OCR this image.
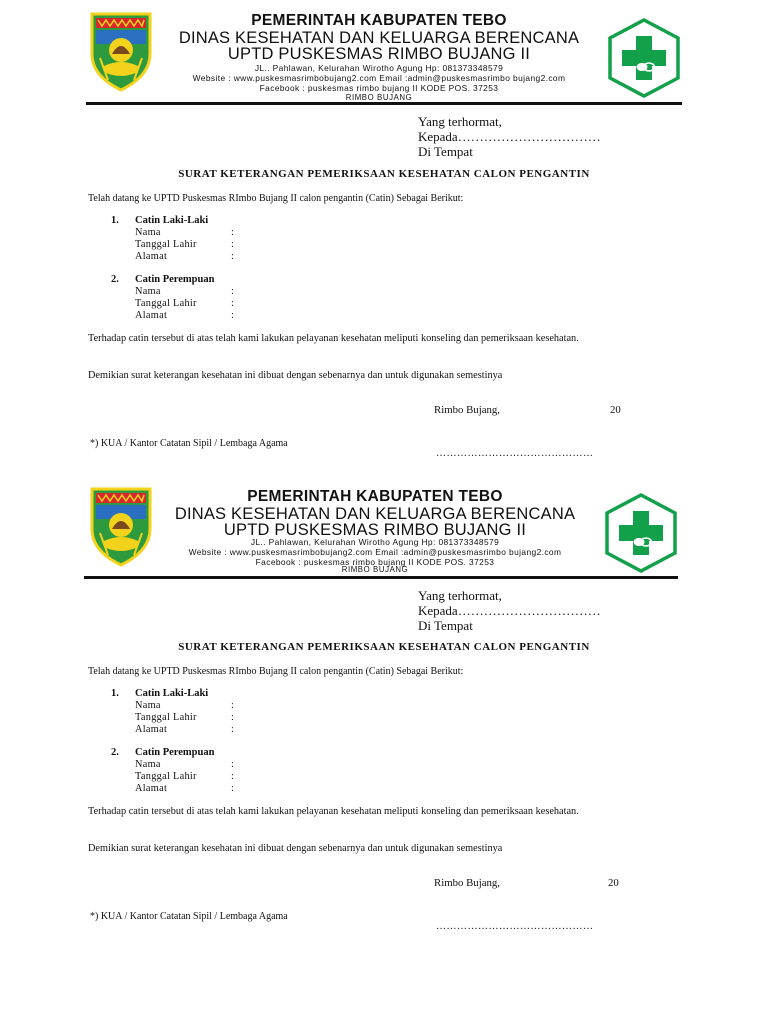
PEMERINTAH KABUPATEN TEBO
DINAS KESEHATAN DAN KELUARGA BERENCANA
UPTD PUSKESMAS RIMBO BUJANG II
JL.. Pahlawan, Kelurahan Wirotho Agung Hp: 081373348579
Website : www.puskesmasrimbobujang2.com Email :admin@puskesmasrimbo bujang2.com
Facebook : puskesmas rimbo bujang II KODE POS. 37253
RIMBO BUJANG
Yang terhormat,
Kepada……………………………
Di Tempat
SURAT KETERANGAN PEMERIKSAAN KESEHATAN CALON PENGANTIN
Telah datang ke UPTD Puskesmas RImbo Bujang II calon pengantin (Catin) Sebagai Berikut:
1. Catin Laki-Laki
Nama	:
Tanggal Lahir	:
Alamat	:
2. Catin Perempuan
Nama	:
Tanggal Lahir	:
Alamat	:
Terhadap catin tersebut di atas telah kami lakukan pelayanan kesehatan meliputi konseling dan pemeriksaan kesehatan.
Demikian surat keterangan kesehatan ini dibuat dengan sebenarnya dan untuk digunakan semestinya
Rimbo Bujang,	20
*) KUA / Kantor Catatan Sipil / Lembaga Agama
………………………………………
PEMERINTAH KABUPATEN TEBO
DINAS KESEHATAN DAN KELUARGA BERENCANA
UPTD PUSKESMAS RIMBO BUJANG II
JL.. Pahlawan, Kelurahan Wirotho Agung Hp: 081373348579
Website : www.puskesmasrimbobujang2.com Email :admin@puskesmasrimbo bujang2.com
Facebook : puskesmas rimbo bujang II KODE POS. 37253
RIMBO BUJANG
Yang terhormat,
Kepada……………………………
Di Tempat
SURAT KETERANGAN PEMERIKSAAN KESEHATAN CALON PENGANTIN
Telah datang ke UPTD Puskesmas RImbo Bujang II calon pengantin (Catin) Sebagai Berikut:
1. Catin Laki-Laki
Nama	:
Tanggal Lahir	:
Alamat	:
2. Catin Perempuan
Nama	:
Tanggal Lahir	:
Alamat	:
Terhadap catin tersebut di atas telah kami lakukan pelayanan kesehatan meliputi konseling dan pemeriksaan kesehatan.
Demikian surat keterangan kesehatan ini dibuat dengan sebenarnya dan untuk digunakan semestinya
Rimbo Bujang,	20
*) KUA / Kantor Catatan Sipil / Lembaga Agama
………………………………………
